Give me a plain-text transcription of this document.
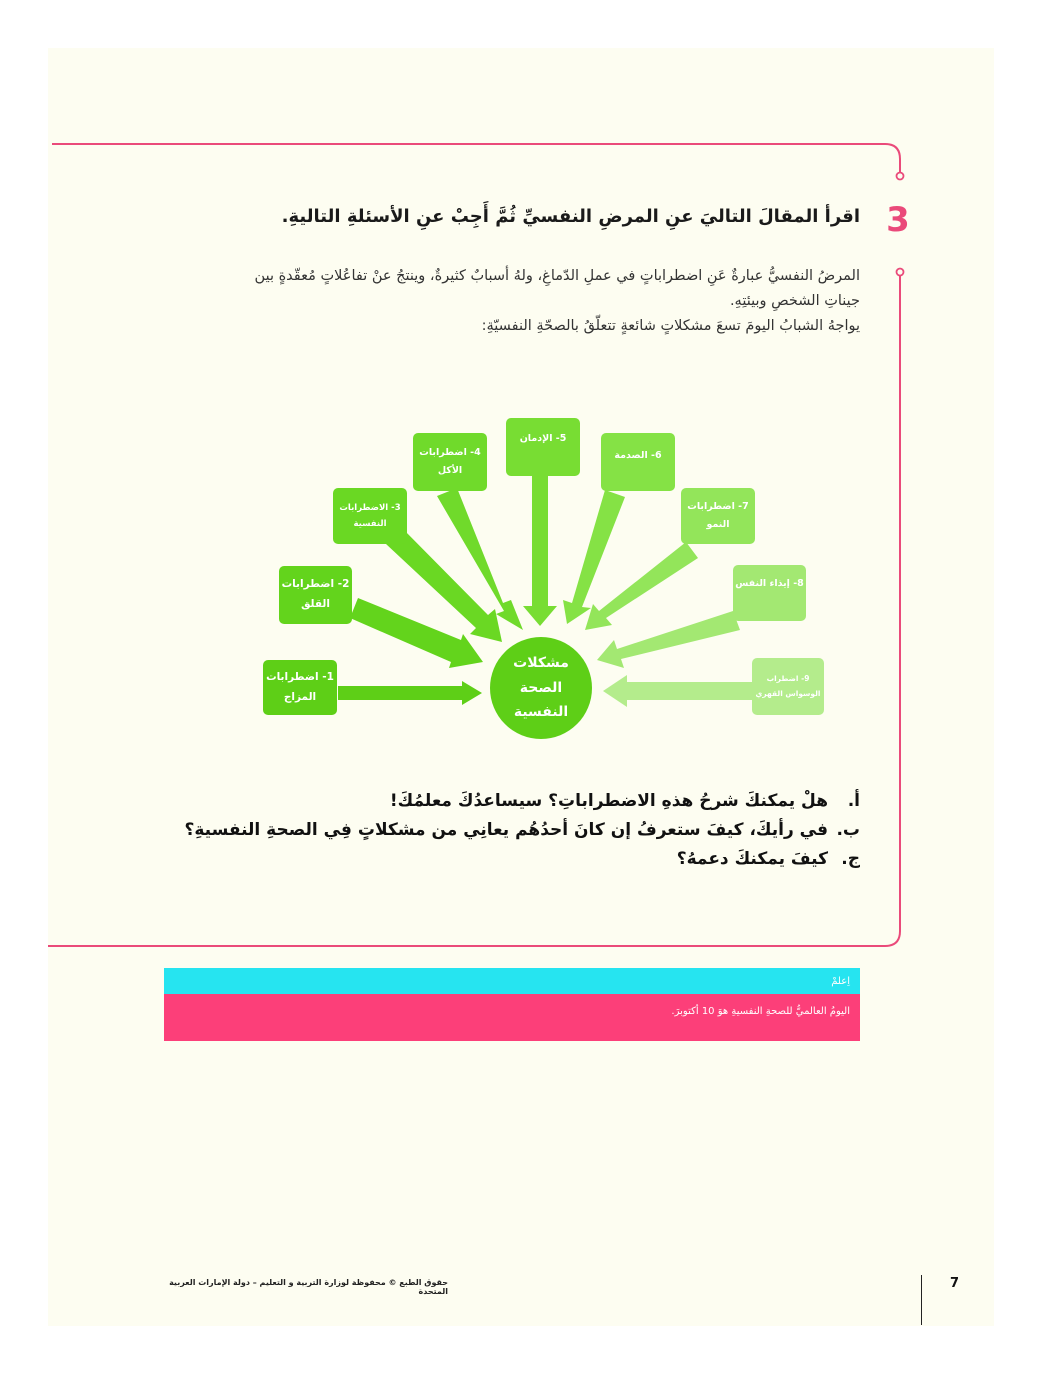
3
اقرأ المقالَ التاليَ عنِ المرضِ النفسيِّ ثُمَّ أَجِبْ عنِ الأسئلةِ التاليةِ.

المرضُ النفسيُّ عبارةٌ عَنِ اضطراباتٍ في عملِ الدّماغِ، ولهُ أسبابٌ كثيرةٌ، وينتجُ عنْ تفاعُلاتٍ مُعقّدةٍ بين

جيناتِ الشخصِ وبيئتِهِ.

يواجهُ الشبابُ اليومَ تسعَ مشكلاتٍ شائعةٍ تتعلّقُ بالصحّةِ النفسيّةِ:

1- اضطرابات
المزاج
2- اضطرابات
القلق
3- الاضطرابات
النفسية
4- اضطرابات
الأكل
5- الإدمان
6- الصدمة
7- اضطرابات
النمو
8- إيذاء النفس
9- اضطراب
الوسواس القهري
مشكلات
الصحة
النفسية
أ.
هلْ يمكنكَ شرحُ هذهِ الاضطراباتِ؟ سيساعدُكَ معلمُكَ!
ب.
في رأيكَ، كيفَ ستعرفُ إن كانَ أحدُهُم يعانِي من مشكلاتٍ فِي الصحةِ النفسيةِ؟
ج.
كيفَ يمكنكَ دعمهُ؟
اِعلمْ
اليومُ العالميُّ للصحةِ النفسيةِ هوَ 10 أكتوبرَ.
حقوق الطبع © محفوظة لوزارة التربية و التعليم – دولة الإمارات العربية المتحدة
7
